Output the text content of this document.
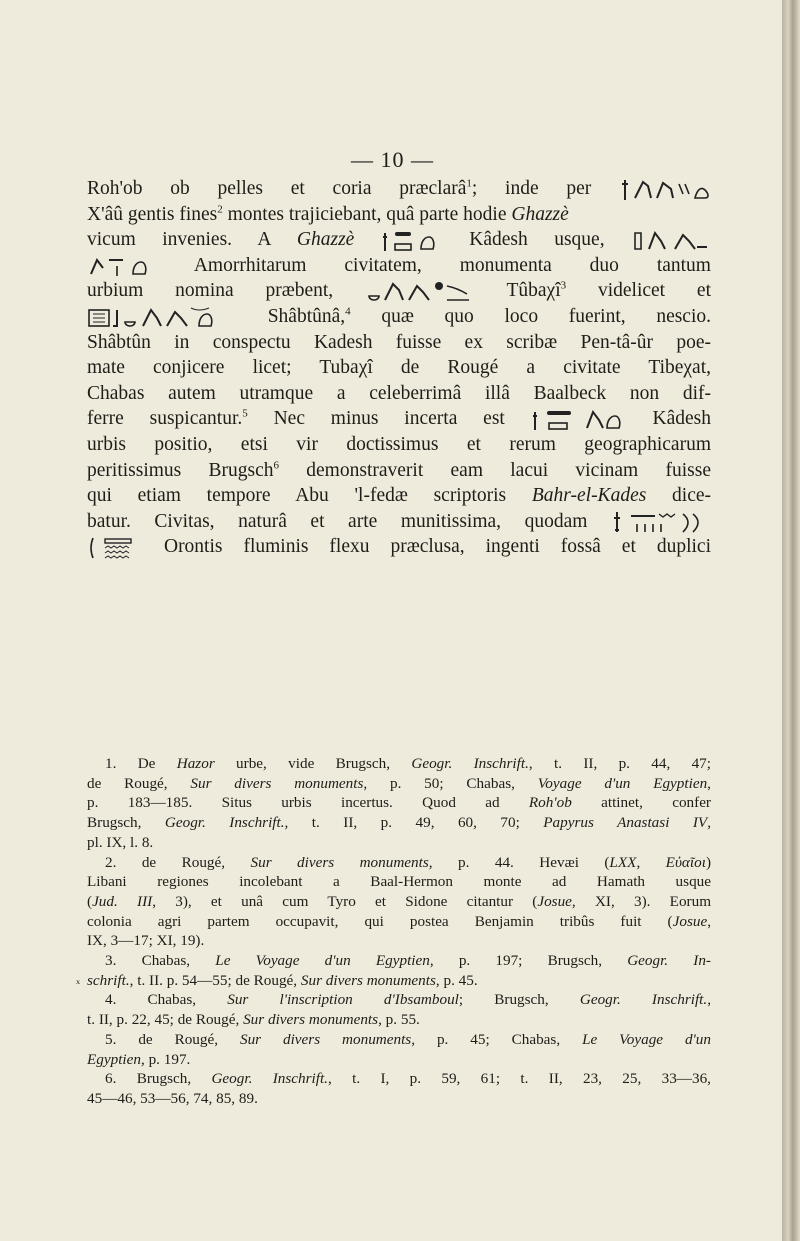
— 10 —
Roh'ob ob pelles et coria præclarâ$^1$; inde per
X'âû gentis fines$^2$ montes trajiciebant, quâ parte hodie Ghazzè
vicum invenies. A Ghazzè	Kâdesh usque,
Amorrhitarum civitatem, monumenta duo tantum
urbium nomina præbent,	Tûbaχî$^3$ videlicet et
Shâbtûnâ,$^4$ quæ quo loco fuerint, nescio.
Shâbtûn in conspectu Kadesh fuisse ex scribæ Pen-tâ-ûr poe-
mate conjicere licet; Tubaχî de Rougé a civitate Tibeχat,
Chabas autem utramque a celeberrimâ illâ Baalbeck non dif-
ferre suspicantur.$^5$ Nec minus incerta est	Kâdesh
urbis positio, etsi vir doctissimus et rerum geographicarum
peritissimus Brugsch$^6$ demonstraverit eam lacui vicinam fuisse
qui etiam tempore Abu 'l-fedæ scriptoris Bahr-el-Kades dice-
batur. Civitas, naturâ et arte munitissima, quodam
Orontis fluminis flexu præclusa, ingenti fossâ et duplici
1. De Hazor urbe, vide Brugsch, Geogr. Inschrift., t. II, p. 44, 47;
de Rougé, Sur divers monuments, p. 50; Chabas, Voyage d'un Egyptien,
p. 183—185. Situs urbis incertus. Quod ad Roh'ob attinet, confer
Brugsch, Geogr. Inschrift., t. II, p. 49, 60, 70; Papyrus Anastasi IV,
pl. IX, l. 8.
2. de Rougé, Sur divers monuments, p. 44. Hevæi (LXX, Εὐαῖοι)
Libani regiones incolebant a Baal-Hermon monte ad Hamath usque
(Jud. III, 3), et unâ cum Tyro et Sidone citantur (Josue, XI, 3). Eorum
colonia agri partem occupavit, qui postea Benjamin tribûs fuit (Josue,
IX, 3—17; XI, 19).
3. Chabas, Le Voyage d'un Egyptien, p. 197; Brugsch, Geogr. In-
schrift., t. II. p. 54—55; de Rougé, Sur divers monuments, p. 45.
4. Chabas, Sur l'inscription d'Ibsamboul; Brugsch, Geogr. Inschrift.,
t. II, p. 22, 45; de Rougé, Sur divers monuments, p. 55.
5. de Rougé, Sur divers monuments, p. 45; Chabas, Le Voyage d'un
Egyptien, p. 197.
6. Brugsch, Geogr. Inschrift., t. I, p. 59, 61; t. II, 23, 25, 33—36,
45—46, 53—56, 74, 85, 89.
ₓ
